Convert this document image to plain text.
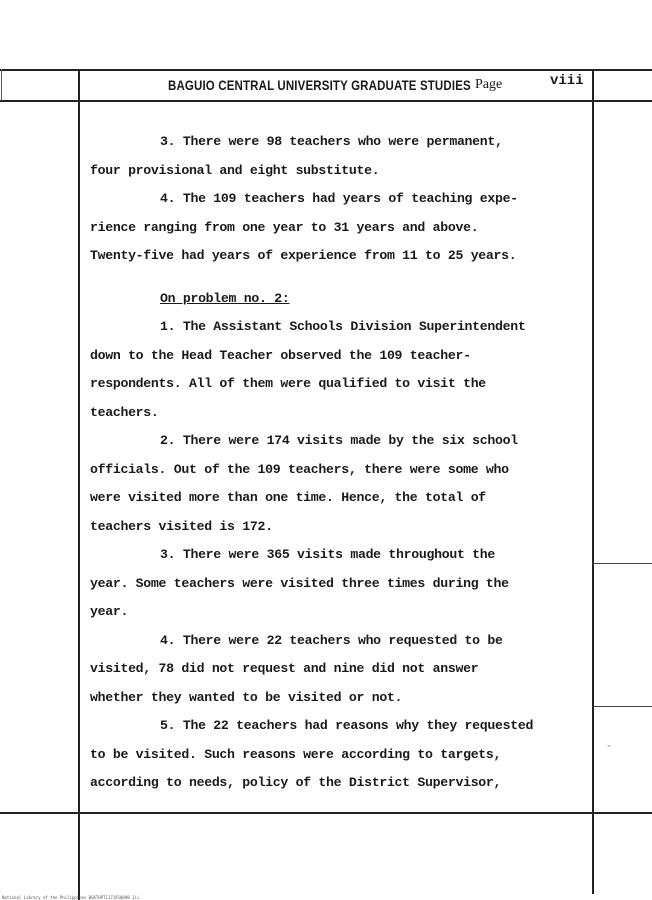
BAGUIO CENTRAL UNIVERSITY GRADUATE STUDIES Page	viii
3. There were 98 teachers who were permanent,
four provisional and eight substitute.
4. The 109 teachers had years of teaching expe-
rience ranging from one year to 31 years and above.
Twenty-five had years of experience from 11 to 25 years.
On problem no. 2:
1. The Assistant Schools Division Superintendent
down to the Head Teacher observed the 109 teacher-
respondents. All of them were qualified to visit the
teachers.
2. There were 174 visits made by the six school
officials. Out of the 109 teachers, there were some who
were visited more than one time. Hence, the total of
teachers visited is 172.
3. There were 365 visits made throughout the
year. Some teachers were visited three times during the
year.
4. There were 22 teachers who requested to be
visited, 78 did not request and nine did not answer
whether they wanted to be visited or not.
5. The 22 teachers had reasons why they requested
to be visited. Such reasons were according to targets,
according to needs, policy of the District Supervisor,
-
National Library of the Philippines BGKTHPT1171910098 1ii
